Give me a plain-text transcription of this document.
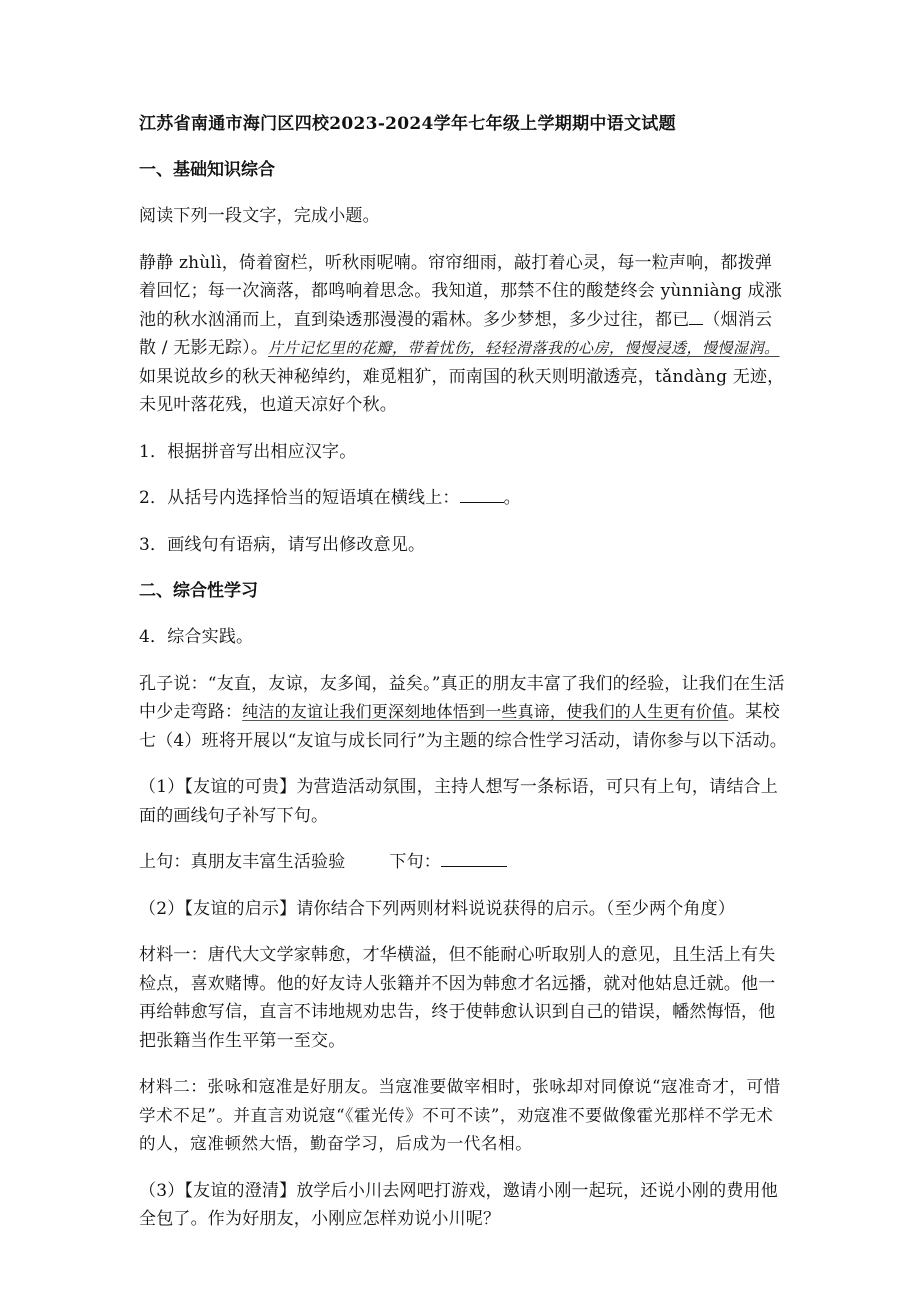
江苏省南通市海门区四校2023-2024学年七年级上学期期中语文试题

一、基础知识综合

阅读下列一段文字，完成小题。

静静 zhùlì，倚着窗栏，听秋雨呢喃。帘帘细雨，敲打着心灵，每一粒声响，都拨弹着回忆；每一次滴落，都鸣响着思念。我知道，那禁不住的酸楚终会 yùnniàng 成涨池的秋水汹涌而上，直到染透那漫漫的霜林。多少梦想，多少过往，都已 （烟消云散 / 无影无踪）。片片记忆里的花瓣，带着忧伤，轻轻滑落我的心房，慢慢浸透，慢慢湿润。如果说故乡的秋天神秘绰约，难觅粗犷，而南国的秋天则明澈透亮，tǎndàng 无迹，未见叶落花残，也道天凉好个秋。

1．根据拼音写出相应汉字。

2．从括号内选择恰当的短语填在横线上：	。

3．画线句有语病，请写出修改意见。

二、综合性学习

4．综合实践。

孔子说：“友直，友谅，友多闻，益矣。”真正的朋友丰富了我们的经验，让我们在生活中少走弯路：纯洁的友谊让我们更深刻地体悟到一些真谛，使我们的人生更有价值。某校七（4）班将开展以“友谊与成长同行”为主题的综合性学习活动，请你参与以下活动。

（1）【友谊的可贵】为营造活动氛围，主持人想写一条标语，可只有上句，请结合上面的画线句子补写下句。

上句：真朋友丰富生活验验	下句：

（2）【友谊的启示】请你结合下列两则材料说说获得的启示。（至少两个角度）

材料一：唐代大文学家韩愈，才华横溢，但不能耐心听取别人的意见，且生活上有失检点，喜欢赌博。他的好友诗人张籍并不因为韩愈才名远播，就对他姑息迁就。他一再给韩愈写信，直言不讳地规劝忠告，终于使韩愈认识到自己的错误，幡然悔悟，他把张籍当作生平第一至交。

材料二：张咏和寇准是好朋友。当寇准要做宰相时，张咏却对同僚说“寇准奇才，可惜学术不足”。并直言劝说寇“《霍光传》不可不读”，劝寇准不要做像霍光那样不学无术的人，寇准顿然大悟，勤奋学习，后成为一代名相。

（3）【友谊的澄清】放学后小川去网吧打游戏，邀请小刚一起玩，还说小刚的费用他全包了。作为好朋友，小刚应怎样劝说小川呢？
